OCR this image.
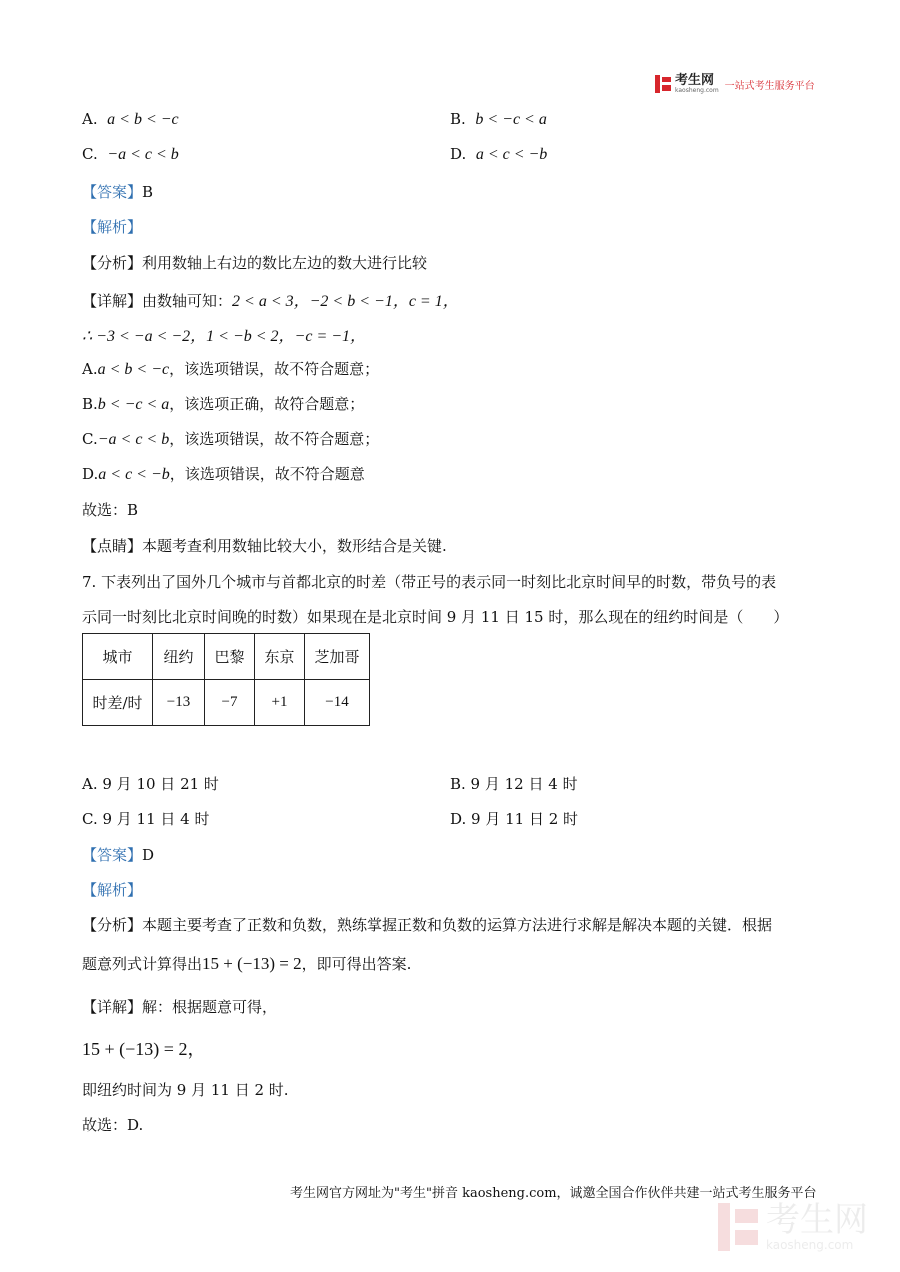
考生网
kaosheng.com 一站式考生服务平台
A. a < b < −c	B. b < −c < a
C. −a < c < b	D. a < c < −b
【答案】B
【解析】
【分析】利用数轴上右边的数比左边的数大进行比较
【详解】由数轴可知：2 < a < 3，−2 < b < −1，c = 1，
∴ −3 < −a < −2，1 < −b < 2，−c = −1，
A.a < b < −c，该选项错误，故不符合题意；
B.b < −c < a，该选项正确，故符合题意；
C.−a < c < b，该选项错误，故不符合题意；
D.a < c < −b，该选项错误，故不符合题意
故选：B
【点睛】本题考查利用数轴比较大小，数形结合是关键.
7. 下表列出了国外几个城市与首都北京的时差（带正号的表示同一时刻比北京时间早的时数，带负号的表
示同一时刻比北京时间晚的时数）如果现在是北京时间 9 月 11 日 15 时，那么现在的纽约时间是（　　）
城市	纽约	巴黎	东京	芝加哥
时差/时	−13	−7	+1	−14
A. 9 月 10 日 21 时	B. 9 月 12 日 4 时
C. 9 月 11 日 4 时	D. 9 月 11 日 2 时
【答案】D
【解析】
【分析】本题主要考查了正数和负数，熟练掌握正数和负数的运算方法进行求解是解决本题的关键．根据
题意列式计算得出15 + (−13) = 2，即可得出答案.
【详解】解：根据题意可得，
15 + (−13) = 2，
即纽约时间为 9 月 11 日 2 时.
故选：D.
考生网官方网址为"考生"拼音 kaosheng.com，诚邀全国合作伙伴共建一站式考生服务平台
考生网
kaosheng.com
